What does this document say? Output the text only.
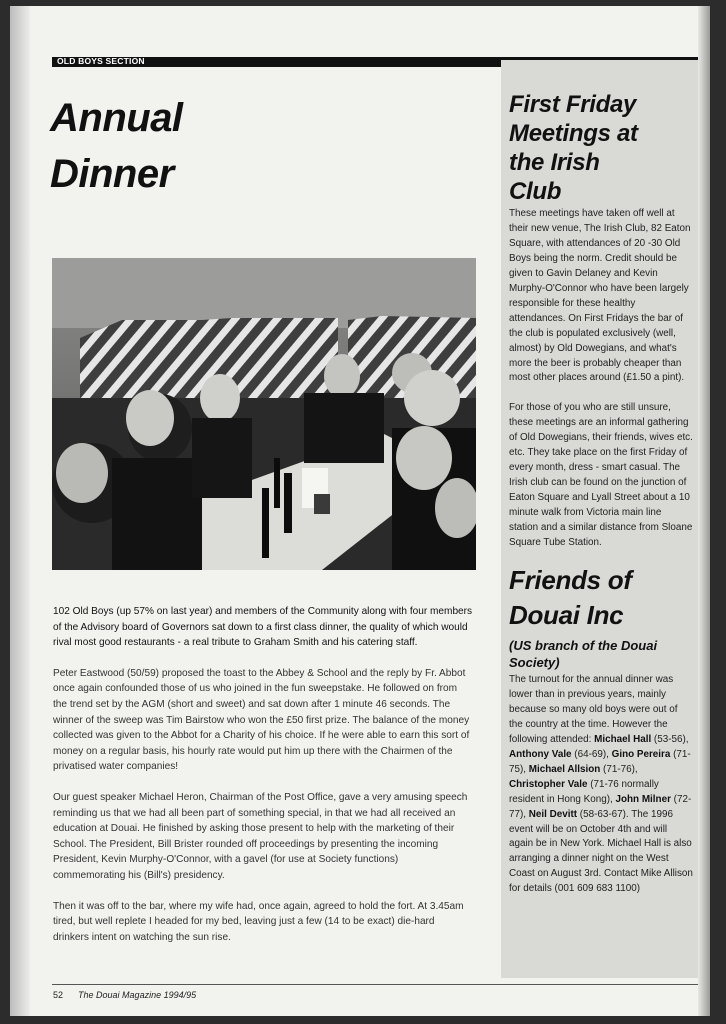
OLD BOYS SECTION
Annual
Dinner

102 Old Boys (up 57% on last year) and members of the Community along with four members of the Advisory board of Governors sat down to a first class dinner, the quality of which would rival most good restaurants - a real tribute to Graham Smith and his catering staff.

Peter Eastwood (50/59) proposed the toast to the Abbey & School and the reply by Fr. Abbot once again confounded those of us who joined in the fun sweepstake. He followed on from the trend set by the AGM (short and sweet) and sat down after 1 minute 46 seconds. The winner of the sweep was Tim Bairstow who won the £50 first prize. The balance of the money collected was given to the Abbot for a Charity of his choice. If he were able to earn this sort of money on a regular basis, his hourly rate would put him up there with the Chairmen of the privatised water companies!

Our guest speaker Michael Heron, Chairman of the Post Office, gave a very amusing speech reminding us that we had all been part of something special, in that we had all received an education at Douai. He finished by asking those present to help with the marketing of their School. The President, Bill Brister rounded off proceedings by presenting the incoming President, Kevin Murphy-O'Connor, with a gavel (for use at Society functions) commemorating his (Bill's) presidency.

Then it was off to the bar, where my wife had, once again, agreed to hold the fort. At 3.45am tired, but well replete I headed for my bed, leaving just a few (14 to be exact) die-hard drinkers intent on watching the sun rise.

First Friday
Meetings at
the Irish
Club

These meetings have taken off well at their new venue, The Irish Club, 82 Eaton Square, with attendances of 20 -30 Old Boys being the norm. Credit should be given to Gavin Delaney and Kevin Murphy-O'Connor who have been largely responsible for these healthy attendances. On First Fridays the bar of the club is populated exclusively (well, almost) by Old Dowegians, and what's more the beer is probably cheaper than most other places around (£1.50 a pint).

For those of you who are still unsure, these meetings are an informal gathering of Old Dowegians, their friends, wives etc. etc. They take place on the first Friday of every month, dress - smart casual. The Irish club can be found on the junction of Eaton Square and Lyall Street about a 10 minute walk from Victoria main line station and a similar distance from Sloane Square Tube Station.

Friends of
Douai Inc
(US branch of the Douai Society)

The turnout for the annual dinner was lower than in previous years, mainly because so many old boys were out of the country at the time. However the following attended: Michael Hall (53-56), Anthony Vale (64-69), Gino Pereira (71-75), Michael Allsion (71-76), Christopher Vale (71-76 normally resident in Hong Kong), John Milner (72-77), Neil Devitt (58-63-67). The 1996 event will be on October 4th and will again be in New York. Michael Hall is also arranging a dinner night on the West Coast on August 3rd. Contact Mike Allison for details (001 609 683 1100)

52 The Douai Magazine 1994/95
